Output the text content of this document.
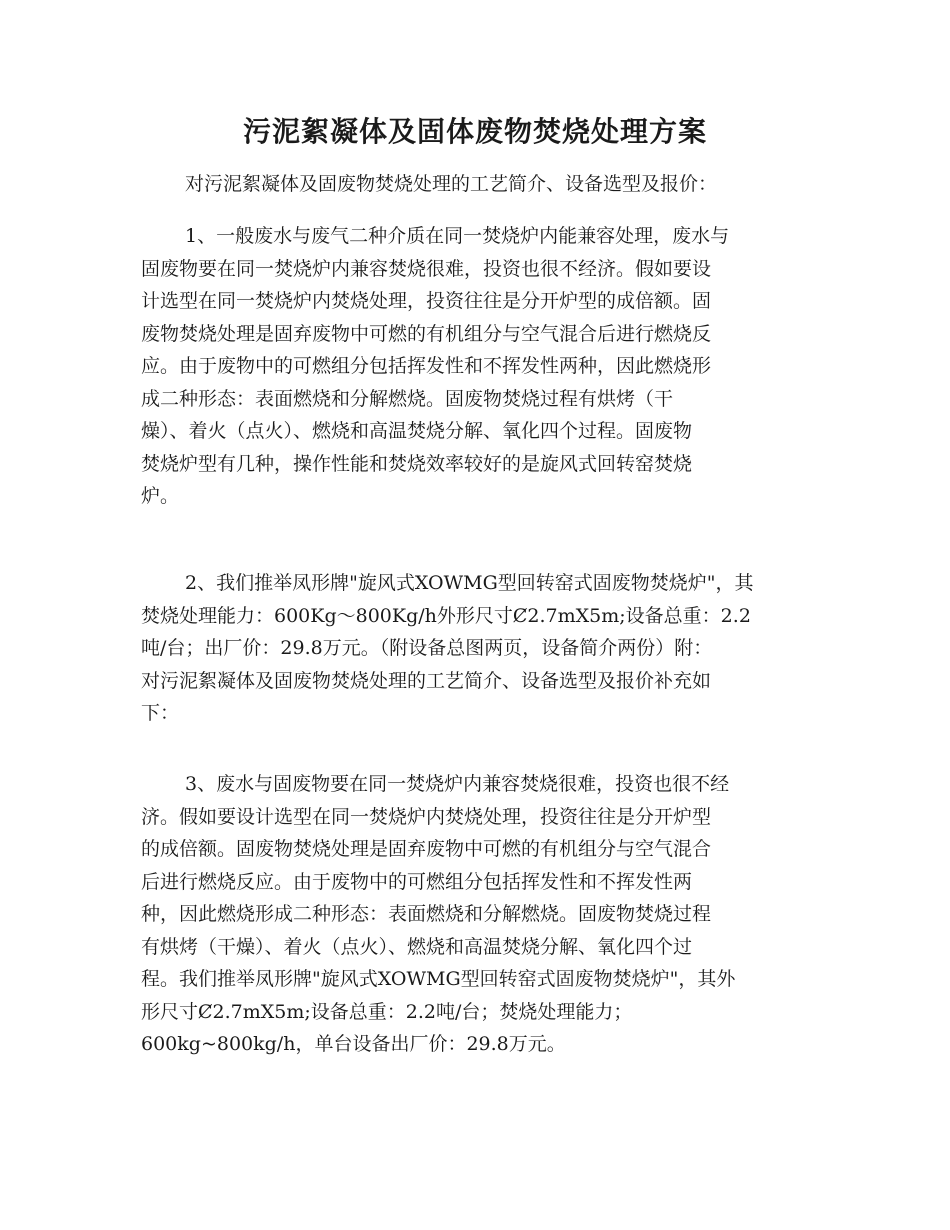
污泥絮凝体及固体废物焚烧处理方案
对污泥絮凝体及固废物焚烧处理的工艺简介、设备选型及报价：
1、一般废水与废气二种介质在同一焚烧炉内能兼容处理，废水与
固废物要在同一焚烧炉内兼容焚烧很难，投资也很不经济。假如要设
计选型在同一焚烧炉内焚烧处理，投资往往是分开炉型的成倍额。固
废物焚烧处理是固弃废物中可燃的有机组分与空气混合后进行燃烧反
应。由于废物中的可燃组分包括挥发性和不挥发性两种，因此燃烧形
成二种形态：表面燃烧和分解燃烧。固废物焚烧过程有烘烤（干
燥）、着火（点火）、燃烧和高温焚烧分解、氧化四个过程。固废物
焚烧炉型有几种，操作性能和焚烧效率较好的是旋风式回转窑焚烧
炉。
2、我们推举凤形牌"旋风式XOWMG型回转窑式固废物焚烧炉"，其
焚烧处理能力：600Kg～800Kg/h外形尺寸Ȼ2.7mX5m;设备总重：2.2
吨/台；出厂价：29.8万元。（附设备总图两页，设备简介两份）附：
对污泥絮凝体及固废物焚烧处理的工艺简介、设备选型及报价补充如
下：
3、废水与固废物要在同一焚烧炉内兼容焚烧很难，投资也很不经
济。假如要设计选型在同一焚烧炉内焚烧处理，投资往往是分开炉型
的成倍额。固废物焚烧处理是固弃废物中可燃的有机组分与空气混合
后进行燃烧反应。由于废物中的可燃组分包括挥发性和不挥发性两
种，因此燃烧形成二种形态：表面燃烧和分解燃烧。固废物焚烧过程
有烘烤（干燥）、着火（点火）、燃烧和高温焚烧分解、氧化四个过
程。我们推举凤形牌"旋风式XOWMG型回转窑式固废物焚烧炉"，其外
形尺寸Ȼ2.7mX5m;设备总重：2.2吨/台；焚烧处理能力；
600kg~800kg/h，单台设备出厂价：29.8万元。
